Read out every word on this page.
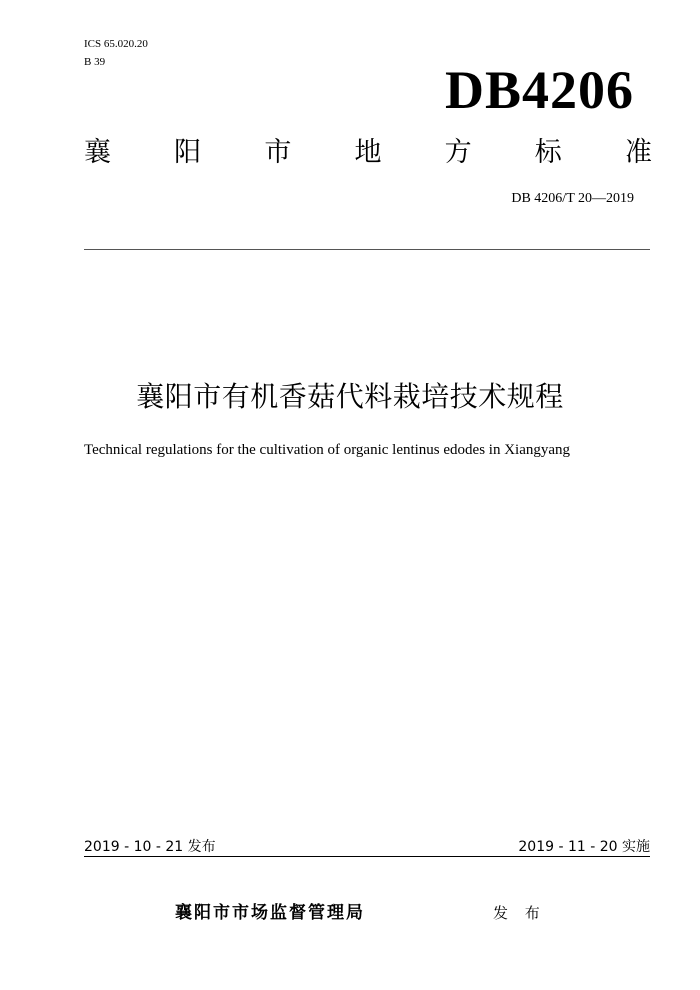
ICS 65.020.20
B 39	DB4206
襄 阳 市 地 方 标 准
DB 4206/T 20—2019
襄阳市有机香菇代料栽培技术规程
Technical regulations for the cultivation of organic lentinus edodes in Xiangyang
2019 - 10 - 21 发布	2019 - 11 - 20 实施
襄阳市市场监督管理局	发 布
